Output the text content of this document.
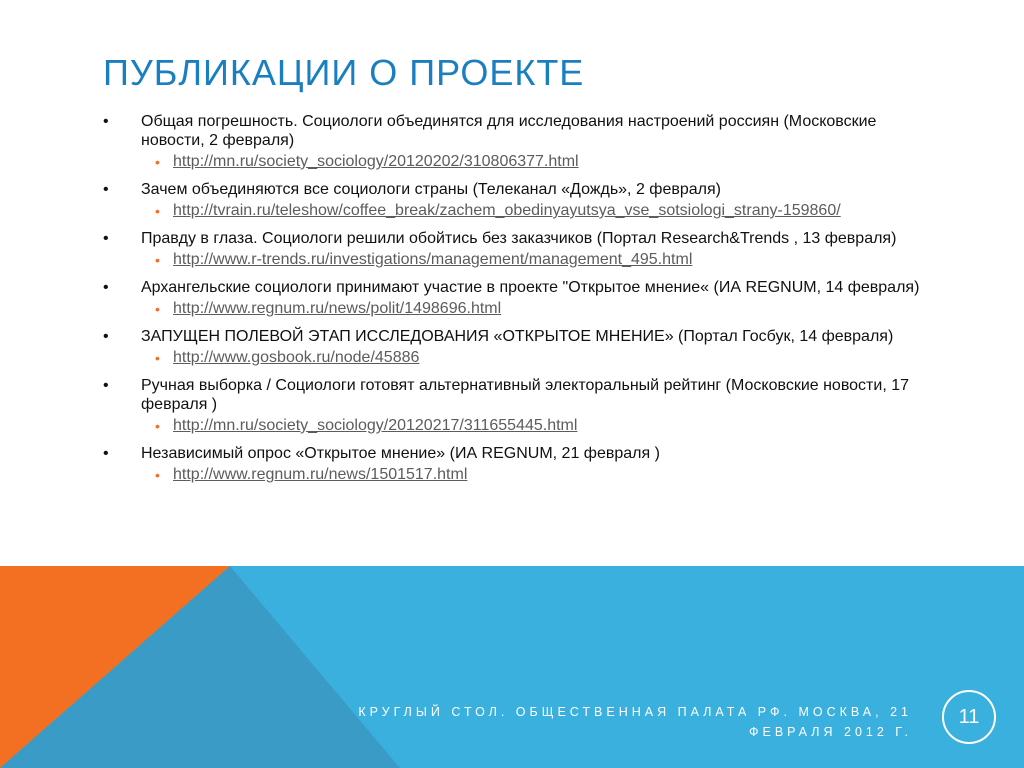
ПУБЛИКАЦИИ О ПРОЕКТЕ
• Общая погрешность. Социологи объединятся для исследования настроений россиян (Московские новости, 2 февраля)
• http://mn.ru/society_sociology/20120202/310806377.html
• Зачем объединяются все социологи страны (Телеканал «Дождь», 2 февраля)
• http://tvrain.ru/teleshow/coffee_break/zachem_obedinyayutsya_vse_sotsiologi_strany-159860/
• Правду в глаза. Социологи решили обойтись без заказчиков (Портал Research&Trends , 13 февраля)
• http://www.r-trends.ru/investigations/management/management_495.html
• Архангельские социологи принимают участие в проекте "Открытое мнение« (ИА REGNUM, 14 февраля)
• http://www.regnum.ru/news/polit/1498696.html
• ЗАПУЩЕН ПОЛЕВОЙ ЭТАП ИССЛЕДОВАНИЯ «ОТКРЫТОЕ МНЕНИЕ» (Портал Госбук, 14 февраля)
• http://www.gosbook.ru/node/45886
• Ручная выборка / Социологи готовят альтернативный электоральный рейтинг (Московские новости, 17 февраля )
• http://mn.ru/society_sociology/20120217/311655445.html
• Независимый опрос «Открытое мнение» (ИА REGNUM, 21 февраля )
• http://www.regnum.ru/news/1501517.html
КРУГЛЫЙ СТОЛ. ОБЩЕСТВЕННАЯ ПАЛАТА РФ. МОСКВА, 21 ФЕВРАЛЯ 2012 Г.
11
